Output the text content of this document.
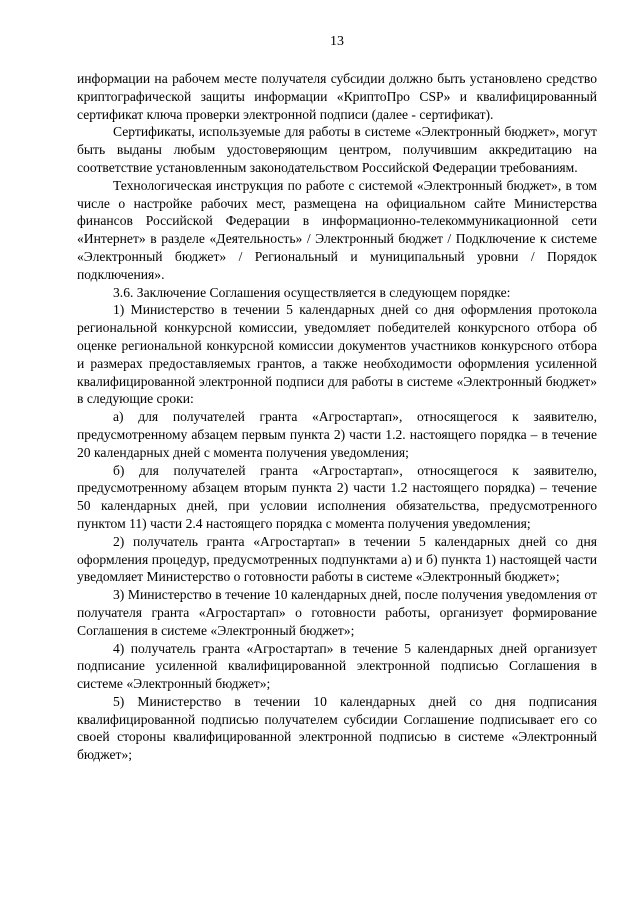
13

информации на рабочем месте получателя субсидии должно быть установлено средство криптографической защиты информации «КриптоПро CSP» и квалифицированный сертификат ключа проверки электронной подписи (далее - сертификат).

Сертификаты, используемые для работы в системе «Электронный бюджет», могут быть выданы любым удостоверяющим центром, получившим аккредитацию на соответствие установленным законодательством Российской Федерации требованиям.

Технологическая инструкция по работе с системой «Электронный бюджет», в том числе о настройке рабочих мест, размещена на официальном сайте Министерства финансов Российской Федерации в информационно-телекоммуникационной сети «Интернет» в разделе «Деятельность» / Электронный бюджет / Подключение к системе «Электронный бюджет» / Региональный и муниципальный уровни / Порядок подключения».

3.6. Заключение Соглашения осуществляется в следующем порядке:

1) Министерство в течении 5 календарных дней со дня оформления протокола региональной конкурсной комиссии, уведомляет победителей конкурсного отбора об оценке региональной конкурсной комиссии документов участников конкурсного отбора и размерах предоставляемых грантов, а также необходимости оформления усиленной квалифицированной электронной подписи для работы в системе «Электронный бюджет» в следующие сроки:

а) для получателей гранта «Агростартап», относящегося к заявителю, предусмотренному абзацем первым пункта 2) части 1.2. настоящего порядка – в течение 20 календарных дней с момента получения уведомления;

б) для получателей гранта «Агростартап», относящегося к заявителю, предусмотренному абзацем вторым пункта 2) части 1.2 настоящего порядка) – течение 50 календарных дней, при условии исполнения обязательства, предусмотренного пунктом 11) части 2.4 настоящего порядка с момента получения уведомления;

2) получатель гранта «Агростартап» в течении 5 календарных дней со дня оформления процедур, предусмотренных подпунктами а) и б) пункта 1) настоящей части уведомляет Министерство о готовности работы в системе «Электронный бюджет»;

3) Министерство в течение 10 календарных дней, после получения уведомления от получателя гранта «Агростартап» о готовности работы, организует формирование Соглашения в системе «Электронный бюджет»;

4) получатель гранта «Агростартап» в течение 5 календарных дней организует подписание усиленной квалифицированной электронной подписью Соглашения в системе «Электронный бюджет»;

5) Министерство в течении 10 календарных дней со дня подписания квалифицированной подписью получателем субсидии Соглашение подписывает его со своей стороны квалифицированной электронной подписью в системе «Электронный бюджет»;
